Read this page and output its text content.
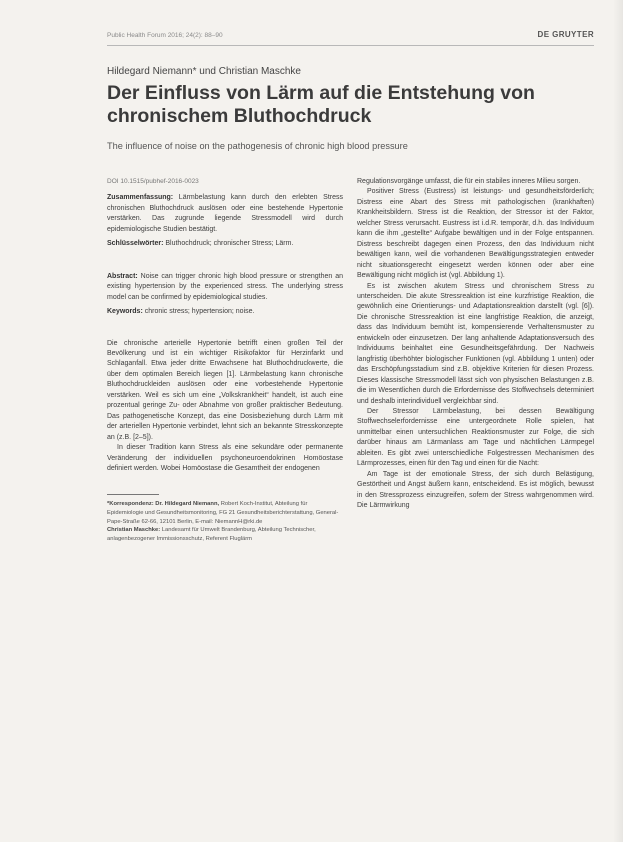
Public Health Forum 2016; 24(2): 88–90	DE GRUYTER
Hildegard Niemann* und Christian Maschke
Der Einfluss von Lärm auf die Entstehung von chronischem Bluthochdruck
The influence of noise on the pathogenesis of chronic high blood pressure

DOI 10.1515/pubhef-2016-0023

Zusammenfassung: Lärmbelastung kann durch den erlebten Stress chronischen Bluthochdruck auslösen oder eine bestehende Hypertonie verstärken. Das zugrunde liegende Stressmodell wird durch epidemiologische Studien bestätigt.

Schlüsselwörter: Bluthochdruck; chronischer Stress; Lärm.

Abstract: Noise can trigger chronic high blood pressure or strengthen an existing hypertension by the experienced stress. The underlying stress model can be confirmed by epidemiological studies.

Keywords: chronic stress; hypertension; noise.

Die chronische arterielle Hypertonie betrifft einen großen Teil der Bevölkerung und ist ein wichtiger Risikofaktor für Herzinfarkt und Schlaganfall. Etwa jeder dritte Erwachsene hat Bluthochdruckwerte, die über dem optimalen Bereich liegen [1]. Lärmbelastung kann chronische Bluthochdruckleiden auslösen oder eine vorbestehende Hypertonie verstärken. Weil es sich um eine „Volkskrankheit“ handelt, ist auch eine prozentual geringe Zu- oder Abnahme von großer praktischer Bedeutung. Das pathogenetische Konzept, das eine Dosisbeziehung durch Lärm mit der arteriellen Hypertonie verbindet, lehnt sich an bekannte Stresskonzepte an (z.B. [2–5]).

In dieser Tradition kann Stress als eine sekundäre oder permanente Veränderung der individuellen psychoneuroendokrinen Homöostase definiert werden. Wobei Homöostase die Gesamtheit der endogenen

*Korrespondenz: Dr. Hildegard Niemann, Robert Koch-Institut, Abteilung für Epidemiologie und Gesundheitsmonitoring, FG 21 Gesundheitsberichterstattung, General-Pape-Straße 62-66, 12101 Berlin, E-mail: NiemannH@rki.de
Christian Maschke: Landesamt für Umwelt Brandenburg, Abteilung Technischer, anlagenbezogener Immissionsschutz, Referent Fluglärm

Regulationsvorgänge umfasst, die für ein stabiles inneres Milieu sorgen.

Positiver Stress (Eustress) ist leistungs- und gesundheitsförderlich; Distress eine Abart des Stress mit pathologischen (krankhaften) Krankheitsbildern. Stress ist die Reaktion, der Stressor ist der Faktor, welcher Stress verursacht. Eustress ist i.d.R. temporär, d.h. das Individuum kann die ihm „gestellte“ Aufgabe bewältigen und in der Folge entspannen. Distress beschreibt dagegen einen Prozess, den das Individuum nicht bewältigen kann, weil die vorhandenen Bewältigungsstrategien entweder nicht situationsgerecht eingesetzt werden können oder aber eine Bewältigung nicht möglich ist (vgl. Abbildung 1).

Es ist zwischen akutem Stress und chronischem Stress zu unterscheiden. Die akute Stressreaktion ist eine kurzfristige Reaktion, die gewöhnlich eine Orientierungs- und Adaptationsreaktion darstellt (vgl. [6]). Die chronische Stressreaktion ist eine langfristige Reaktion, die anzeigt, dass das Individuum bemüht ist, kompensierende Verhaltensmuster zu entwickeln oder einzusetzen. Der lang anhaltende Adaptationsversuch des Individuums beinhaltet eine Gesundheitsgefährdung. Der Nachweis langfristig überhöhter biologischer Funktionen (vgl. Abbildung 1 unten) oder das Erschöpfungsstadium sind z.B. objektive Kriterien für diesen Prozess. Dieses klassische Stressmodell lässt sich von physischen Belastungen z.B. die im Wesentlichen durch die Erfordernisse des Stoffwechsels determiniert und deshalb interindividuell vergleichbar sind.

Der Stressor Lärmbelastung, bei dessen Bewältigung Stoffwechselerfordernisse eine untergeordnete Rolle spielen, hat unmittelbar einen untersuchlichen Reaktionsmuster zur Folge, die sich darüber hinaus am Lärmanlass am Tage und nächtlichen Lärmpegel ableiten. Es gibt zwei unterschiedliche Folgestressen Mechanismen des Lärmprozesses, einen für den Tag und einen für die Nacht:

Am Tage ist der emotionale Stress, der sich durch Belästigung, Gestörtheit und Angst äußern kann, entscheidend. Es ist möglich, bewusst in den Stressprozess einzugreifen, sofern der Stress wahrgenommen wird. Die Lärmwirkung
